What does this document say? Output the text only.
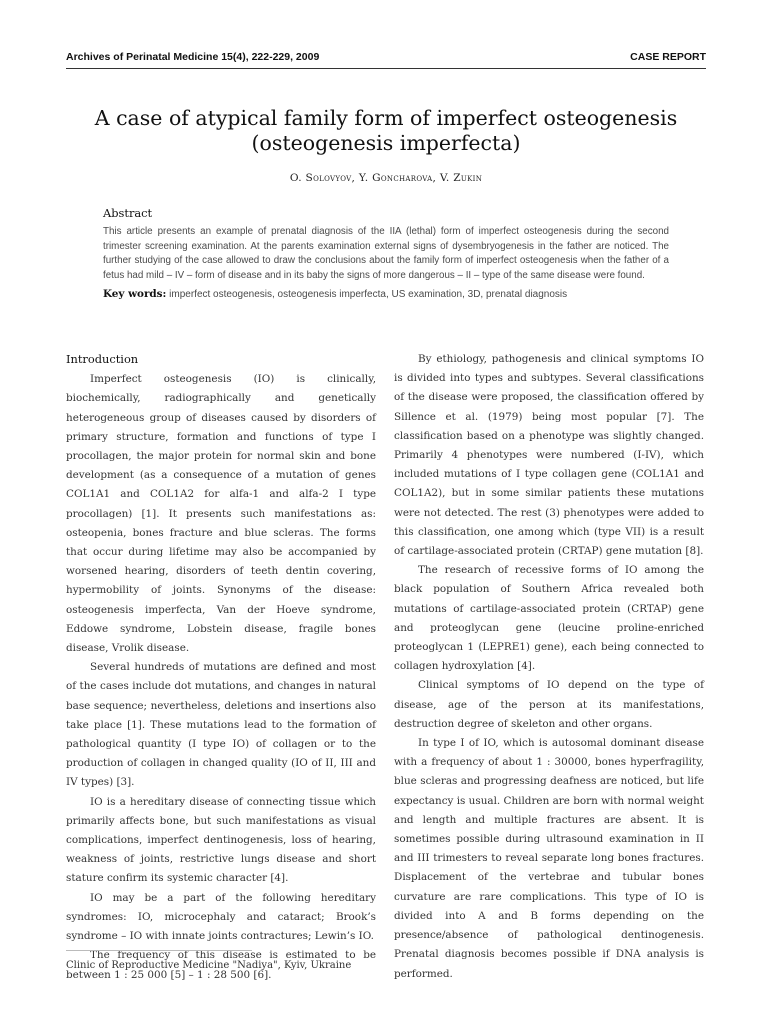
Archives of Perinatal Medicine 15(4), 222-229, 2009	CASE REPORT
A case of atypical family form of imperfect osteogenesis
(osteogenesis imperfecta)
O. Solovyov, Y. Goncharova, V. Zukin
Abstract

This article presents an example of prenatal diagnosis of the IIA (lethal) form of imperfect osteogenesis during the second trimester screening examination. At the parents examination external signs of dysembryogenesis in the father are noticed. The further studying of the case allowed to draw the conclusions about the family form of imperfect osteogenesis when the father of a fetus had mild – IV – form of disease and in its baby the signs of more dangerous – II – type of the same disease were found.

Key words: imperfect osteogenesis, osteogenesis imperfecta, US examination, 3D, prenatal diagnosis

Introduction

Imperfect osteogenesis (IO) is clinically, biochemically, radiographically and genetically heterogeneous group of diseases caused by disorders of primary structure, formation and functions of type I procollagen, the major protein for normal skin and bone development (as a consequence of a mutation of genes COL1A1 and COL1A2 for alfa-1 and alfa-2 I type procollagen) [1]. It presents such manifestations as: osteopenia, bones fracture and blue scleras. The forms that occur during lifetime may also be accompanied by worsened hearing, disorders of teeth dentin covering, hypermobility of joints. Synonyms of the disease: osteogenesis imperfecta, Van der Hoeve syndrome, Eddowe syndrome, Lobstein disease, fragile bones disease, Vrolik disease.

Several hundreds of mutations are defined and most of the cases include dot mutations, and changes in natural base sequence; nevertheless, deletions and insertions also take place [1]. These mutations lead to the formation of pathological quantity (I type IO) of collagen or to the production of collagen in changed quality (IO of II, III and IV types) [3].

IO is a hereditary disease of connecting tissue which primarily affects bone, but such manifestations as visual complications, imperfect dentinogenesis, loss of hearing, weakness of joints, restrictive lungs disease and short stature confirm its systemic character [4].

IO may be a part of the following hereditary syndromes: IO, microcephaly and cataract; Brook’s syndrome – IO with innate joints contractures; Lewin’s IO.

The frequency of this disease is estimated to be between 1 : 25 000 [5] – 1 : 28 500 [6].

By ethiology, pathogenesis and clinical symptoms IO is divided into types and subtypes. Several classifications of the disease were proposed, the classification offered by Sillence et al. (1979) being most popular [7]. The classification based on a phenotype was slightly changed. Primarily 4 phenotypes were numbered (I-IV), which included mutations of I type collagen gene (COL1A1 and COL1A2), but in some similar patients these mutations were not detected. The rest (3) phenotypes were added to this classification, one among which (type VII) is a result of cartilage-associated protein (CRTAP) gene mutation [8].

The research of recessive forms of IO among the black population of Southern Africa revealed both mutations of cartilage-associated protein (CRTAP) gene and proteoglycan gene (leucine proline-enriched proteoglycan 1 (LEPRE1) gene), each being connected to collagen hydroxylation [4].

Clinical symptoms of IO depend on the type of disease, age of the person at its manifestations, destruction degree of skeleton and other organs.

In type I of IO, which is autosomal dominant disease with a frequency of about 1 : 30000, bones hyperfragility, blue scleras and progressing deafness are noticed, but life expectancy is usual. Children are born with normal weight and length and multiple fractures are absent. It is sometimes possible during ultrasound examination in II and III trimesters to reveal separate long bones fractures. Displacement of the vertebrae and tubular bones curvature are rare complications. This type of IO is divided into A and B forms depending on the presence/absence of pathological dentinogenesis. Prenatal diagnosis becomes possible if DNA analysis is performed.

Clinic of Reproductive Medicine "Nadiya", Kyiv, Ukraine
